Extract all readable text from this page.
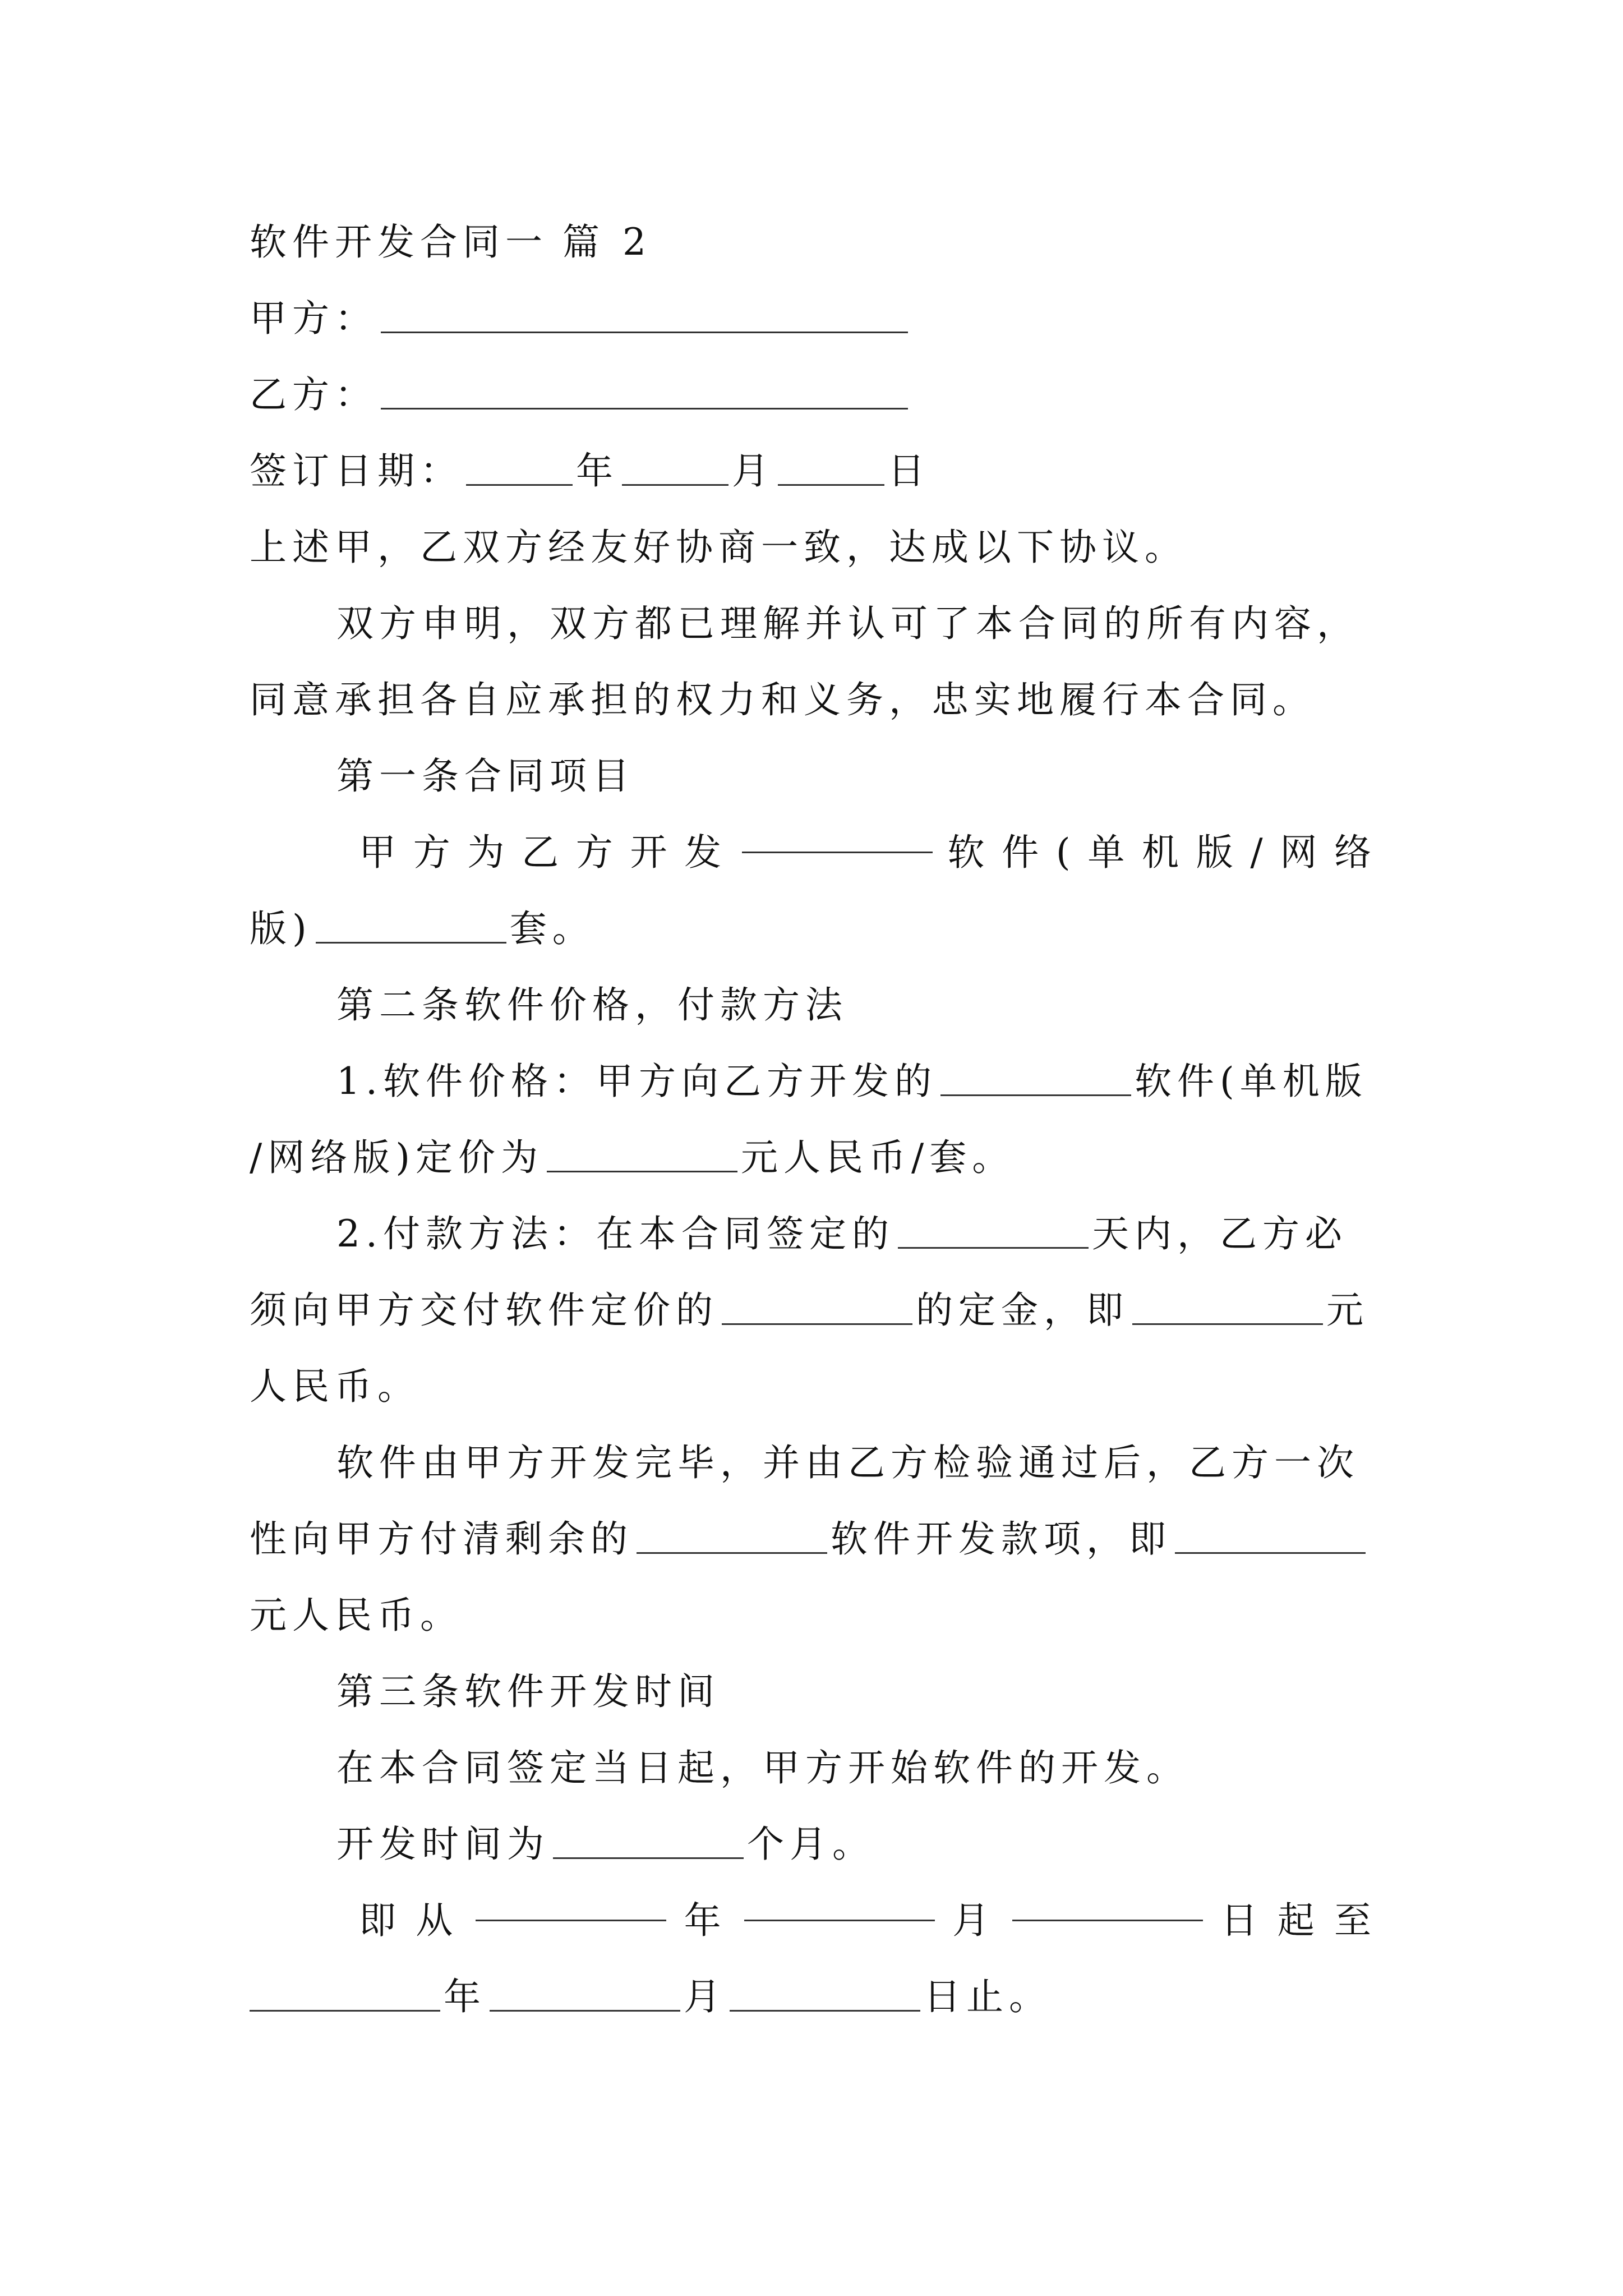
软件开发合同一 篇 2
甲方：
乙方：
签订日期：	年	月	日
上述甲，乙双方经友好协商一致，达成以下协议。
双方申明，双方都已理解并认可了本合同的所有内容，
同意承担各自应承担的权力和义务，忠实地履行本合同。
第一条合同项目
甲 方 为 乙 方 开 发	软 件 ( 单 机 版 / 网 络
版)	套。
第二条软件价格，付款方法
1.软件价格：甲方向乙方开发的	软件(单机版
/网络版)定价为	元人民币/套。
2.付款方法：在本合同签定的	天内，乙方必
须向甲方交付软件定价的	的定金，即	元
人民币。
软件由甲方开发完毕，并由乙方检验通过后，乙方一次
性向甲方付清剩余的	软件开发款项，即
元人民币。
第三条软件开发时间
在本合同签定当日起，甲方开始软件的开发。
开发时间为	个月。
即 从	年	月	日 起 至
年	月	日止。
